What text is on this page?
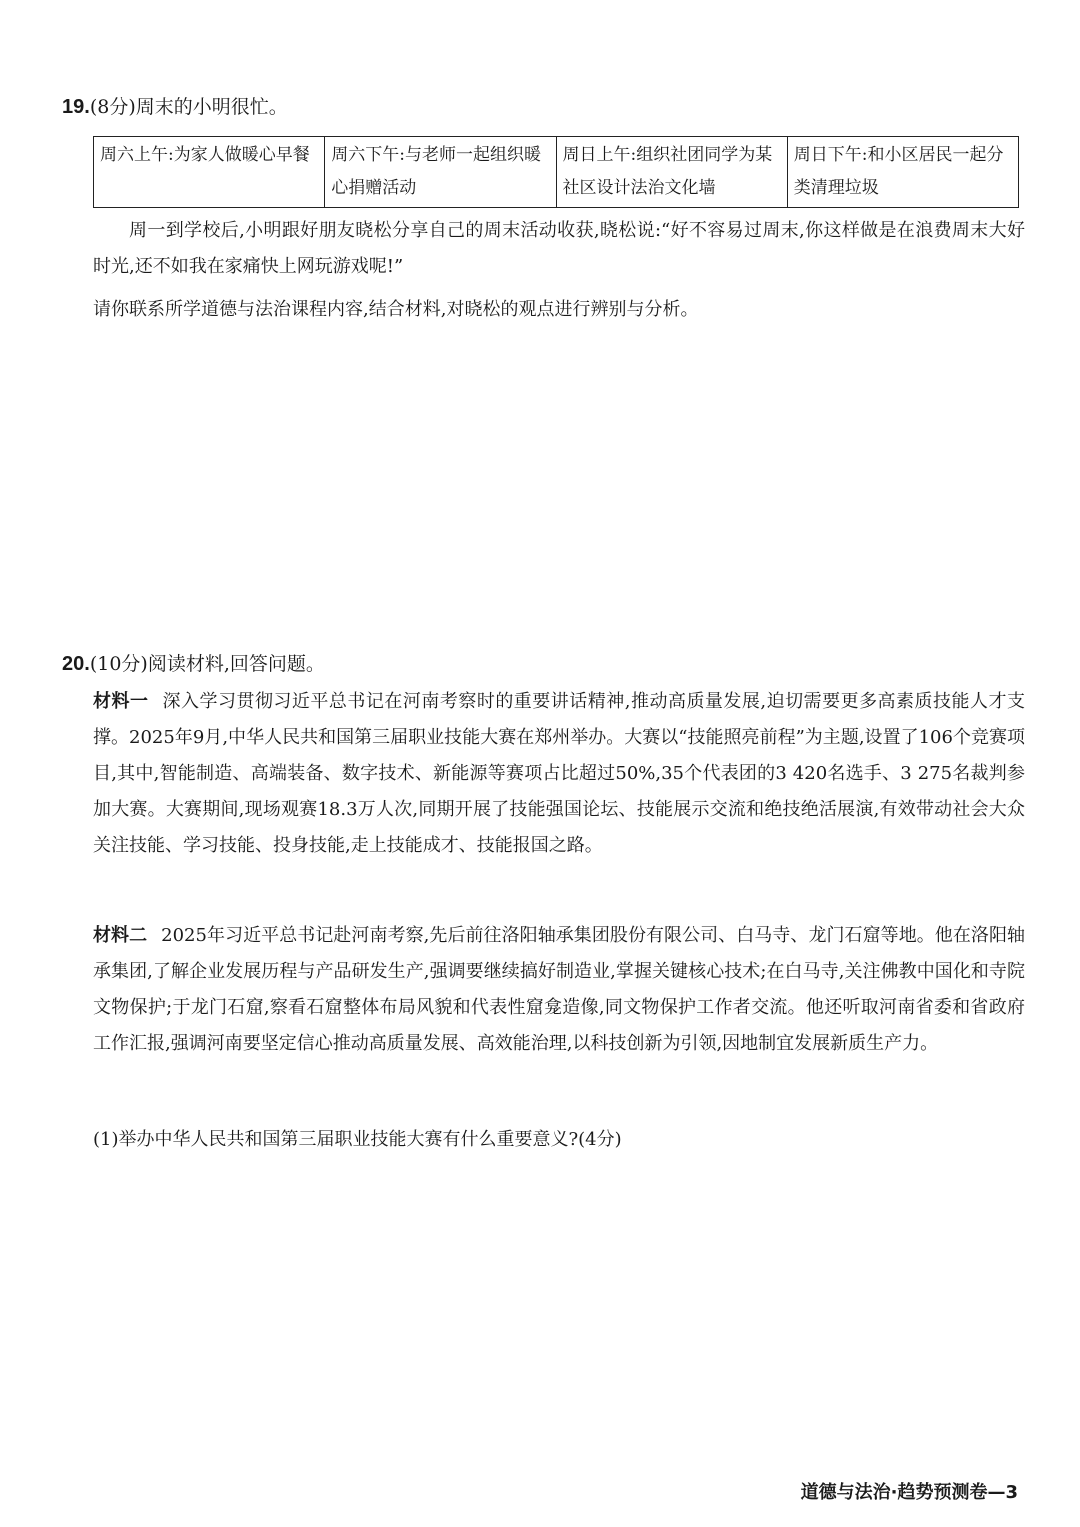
19.(8分)周末的小明很忙。
周六上午:为家人做暖心早餐	周六下午:与老师一起组织暖心捐赠活动	周日上午:组织社团同学为某社区设计法治文化墙	周日下午:和小区居民一起分类清理垃圾

周一到学校后,小明跟好朋友晓松分享自己的周末活动收获,晓松说:“好不容易过周末,你这样做是在浪费周末大好时光,还不如我在家痛快上网玩游戏呢!”

请你联系所学道德与法治课程内容,结合材料,对晓松的观点进行辨别与分析。

20.(10分)阅读材料,回答问题。

材料一 深入学习贯彻习近平总书记在河南考察时的重要讲话精神,推动高质量发展,迫切需要更多高素质技能人才支撑。2025年9月,中华人民共和国第三届职业技能大赛在郑州举办。大赛以“技能照亮前程”为主题,设置了106个竞赛项目,其中,智能制造、高端装备、数字技术、新能源等赛项占比超过50%,35个代表团的3 420名选手、3 275名裁判参加大赛。大赛期间,现场观赛18.3万人次,同期开展了技能强国论坛、技能展示交流和绝技绝活展演,有效带动社会大众关注技能、学习技能、投身技能,走上技能成才、技能报国之路。

材料二 2025年习近平总书记赴河南考察,先后前往洛阳轴承集团股份有限公司、白马寺、龙门石窟等地。他在洛阳轴承集团,了解企业发展历程与产品研发生产,强调要继续搞好制造业,掌握关键核心技术;在白马寺,关注佛教中国化和寺院文物保护;于龙门石窟,察看石窟整体布局风貌和代表性窟龛造像,同文物保护工作者交流。他还听取河南省委和省政府工作汇报,强调河南要坚定信心推动高质量发展、高效能治理,以科技创新为引领,因地制宜发展新质生产力。

(1)举办中华人民共和国第三届职业技能大赛有什么重要意义?(4分)
道德与法治·趋势预测卷—3
